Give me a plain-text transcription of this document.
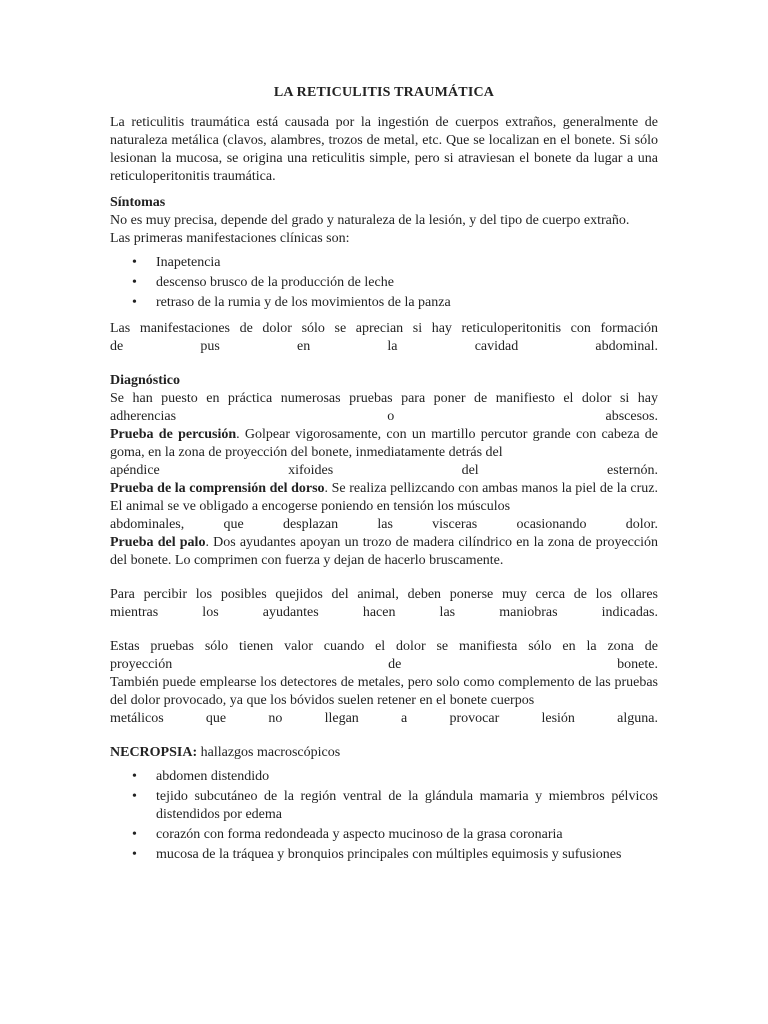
LA RETICULITIS TRAUMÁTICA

La reticulitis traumática está causada por la ingestión de cuerpos extraños, generalmente de naturaleza metálica (clavos, alambres, trozos de metal, etc. Que se localizan en el bonete. Si sólo lesionan la mucosa, se origina una reticulitis simple, pero si atraviesan el bonete da lugar a una reticuloperitonitis traumática.

Síntomas

No es muy precisa, depende del grado y naturaleza de la lesión, y del tipo de cuerpo extraño.

Las primeras manifestaciones clínicas son:

• Inapetencia
• descenso brusco de la producción de leche
• retraso de la rumia y de los movimientos de la panza

Las manifestaciones de dolor sólo se aprecian si hay reticuloperitonitis con formación

de pus en la cavidad abdominal.

Diagnóstico

Se han puesto en práctica numerosas pruebas para poner de manifiesto el dolor si hay

adherencias o abscesos.

Prueba de percusión. Golpear vigorosamente, con un martillo percutor grande con cabeza de goma, en la zona de proyección del bonete, inmediatamente detrás del

apéndice xifoides del esternón.

Prueba de la comprensión del dorso. Se realiza pellizcando con ambas manos la piel de la cruz. El animal se ve obligado a encogerse poniendo en tensión los músculos

abdominales, que desplazan las visceras ocasionando dolor.

Prueba del palo. Dos ayudantes apoyan un trozo de madera cilíndrico en la zona de proyección del bonete. Lo comprimen con fuerza y dejan de hacerlo bruscamente.

Para percibir los posibles quejidos del animal, deben ponerse muy cerca de los ollares

mientras los ayudantes hacen las maniobras indicadas.

Estas pruebas sólo tienen valor cuando el dolor se manifiesta sólo en la zona de

proyección de bonete.

También puede emplearse los detectores de metales, pero solo como complemento de las pruebas del dolor provocado, ya que los bóvidos suelen retener en el bonete cuerpos

metálicos que no llegan a provocar lesión alguna.

NECROPSIA: hallazgos macroscópicos
• abdomen distendido
• tejido subcutáneo de la región ventral de la glándula mamaria y miembros pélvicos distendidos por edema
• corazón con forma redondeada y aspecto mucinoso de la grasa coronaria
• mucosa de la tráquea y bronquios principales con múltiples equimosis y sufusiones
